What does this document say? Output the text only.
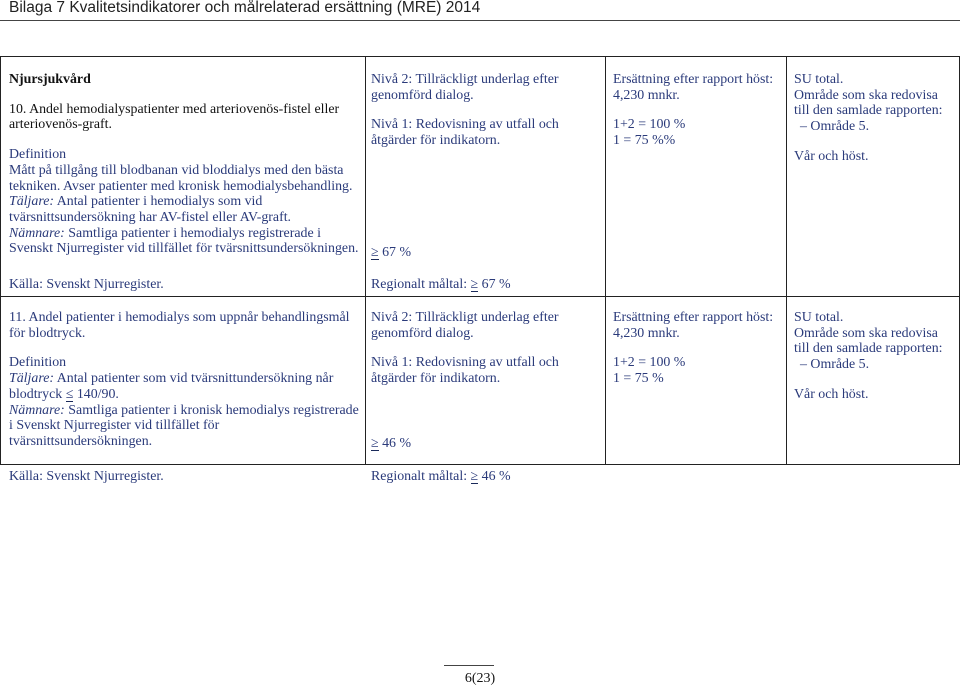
Bilaga 7 Kvalitetsindikatorer och målrelaterad ersättning (MRE) 2014

Njursjukvård

10. Andel hemodialyspatienter med arteriovenös-fistel eller arteriovenös-graft.

Definition

Mått på tillgång till blodbanan vid bloddialys med den bästa tekniken. Avser patienter med kronisk hemodialysbehandling.

Täljare: Antal patienter i hemodialys som vid tvärsnittsundersökning har AV-fistel eller AV-graft.

Nämnare: Samtliga patienter i hemodialys registrerade i Svenskt Njurregister vid tillfället för tvärsnittsundersökningen.

Källa: Svenskt Njurregister.

Nivå 2: Tillräckligt underlag efter genomförd dialog.

Nivå 1: Redovisning av utfall och åtgärder för indikatorn.

≥ 67 %
Regionalt måltal: ≥ 67 %

Ersättning efter rapport höst:

4,230 mnkr.

1+2 = 100 %

1 = 75 %%

SU total.

Område som ska redovisa till den samlade rapporten:

– Område 5.

Vår och höst.

11. Andel patienter i hemodialys som uppnår behandlingsmål för blodtryck.

Definition

Täljare: Antal patienter som vid tvärsnittundersökning når blodtryck ≤ 140/90.

Nämnare: Samtliga patienter i kronisk hemodialys registrerade i Svenskt Njurregister vid tillfället för tvärsnittsundersökningen.

Källa: Svenskt Njurregister.

Nivå 2: Tillräckligt underlag efter genomförd dialog.

Nivå 1: Redovisning av utfall och åtgärder för indikatorn.

≥ 46 %
Regionalt måltal: ≥ 46 %

Ersättning efter rapport höst:

4,230 mnkr.

1+2 = 100 %

1 = 75 %

SU total.

Område som ska redovisa till den samlade rapporten:

– Område 5.

Vår och höst.

6(23)
